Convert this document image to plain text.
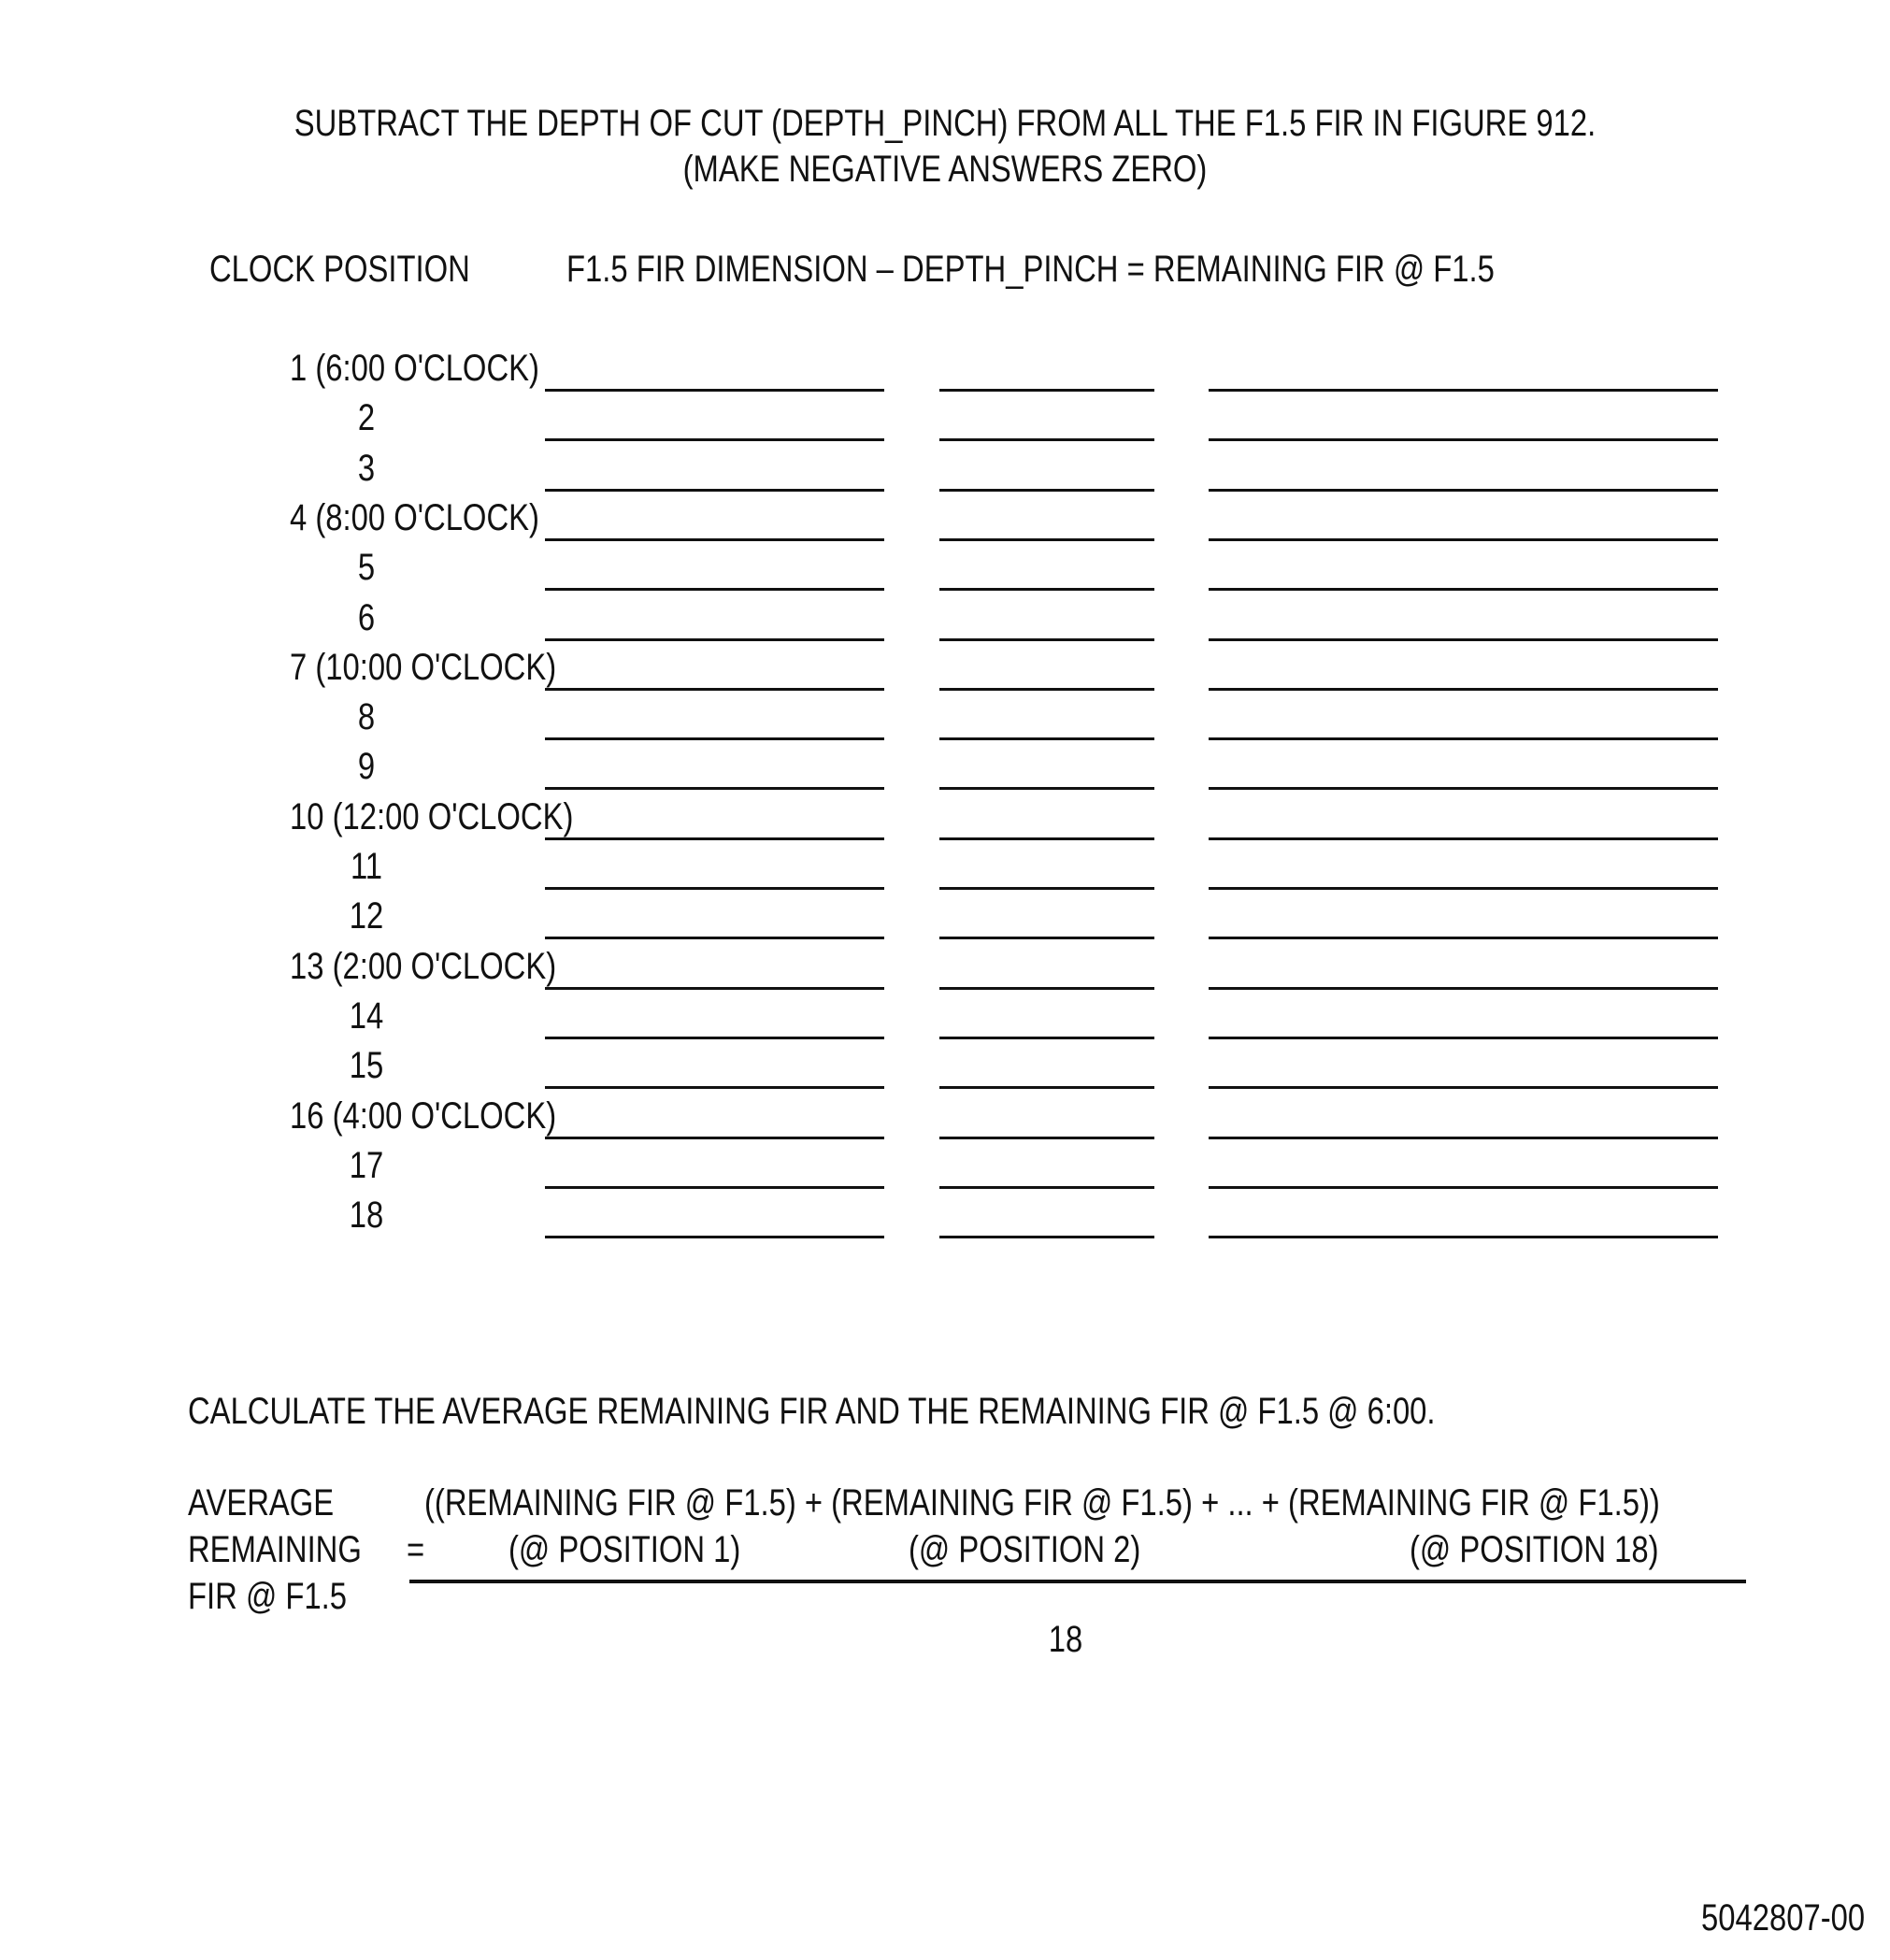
SUBTRACT THE DEPTH OF CUT (DEPTH_PINCH) FROM ALL THE F1.5 FIR IN FIGURE 912.
(MAKE NEGATIVE ANSWERS ZERO)
CLOCK POSITION	F1.5 FIR DIMENSION – DEPTH_PINCH = REMAINING FIR @ F1.5
1 (6:00 O'CLOCK)
2
3
4 (8:00 O'CLOCK)
5
6
7 (10:00 O'CLOCK)
8
9
10 (12:00 O'CLOCK)
11
12
13 (2:00 O'CLOCK)
14
15
16 (4:00 O'CLOCK)
17
18
CALCULATE THE AVERAGE REMAINING FIR AND THE REMAINING FIR @ F1.5 @ 6:00.
AVERAGE
REMAINING
FIR @ F1.5
=
((REMAINING FIR @ F1.5) + (REMAINING FIR @ F1.5) + ... + (REMAINING FIR @ F1.5))
(@ POSITION 1)	(@ POSITION 2)	(@ POSITION 18)
18
5042807-00
